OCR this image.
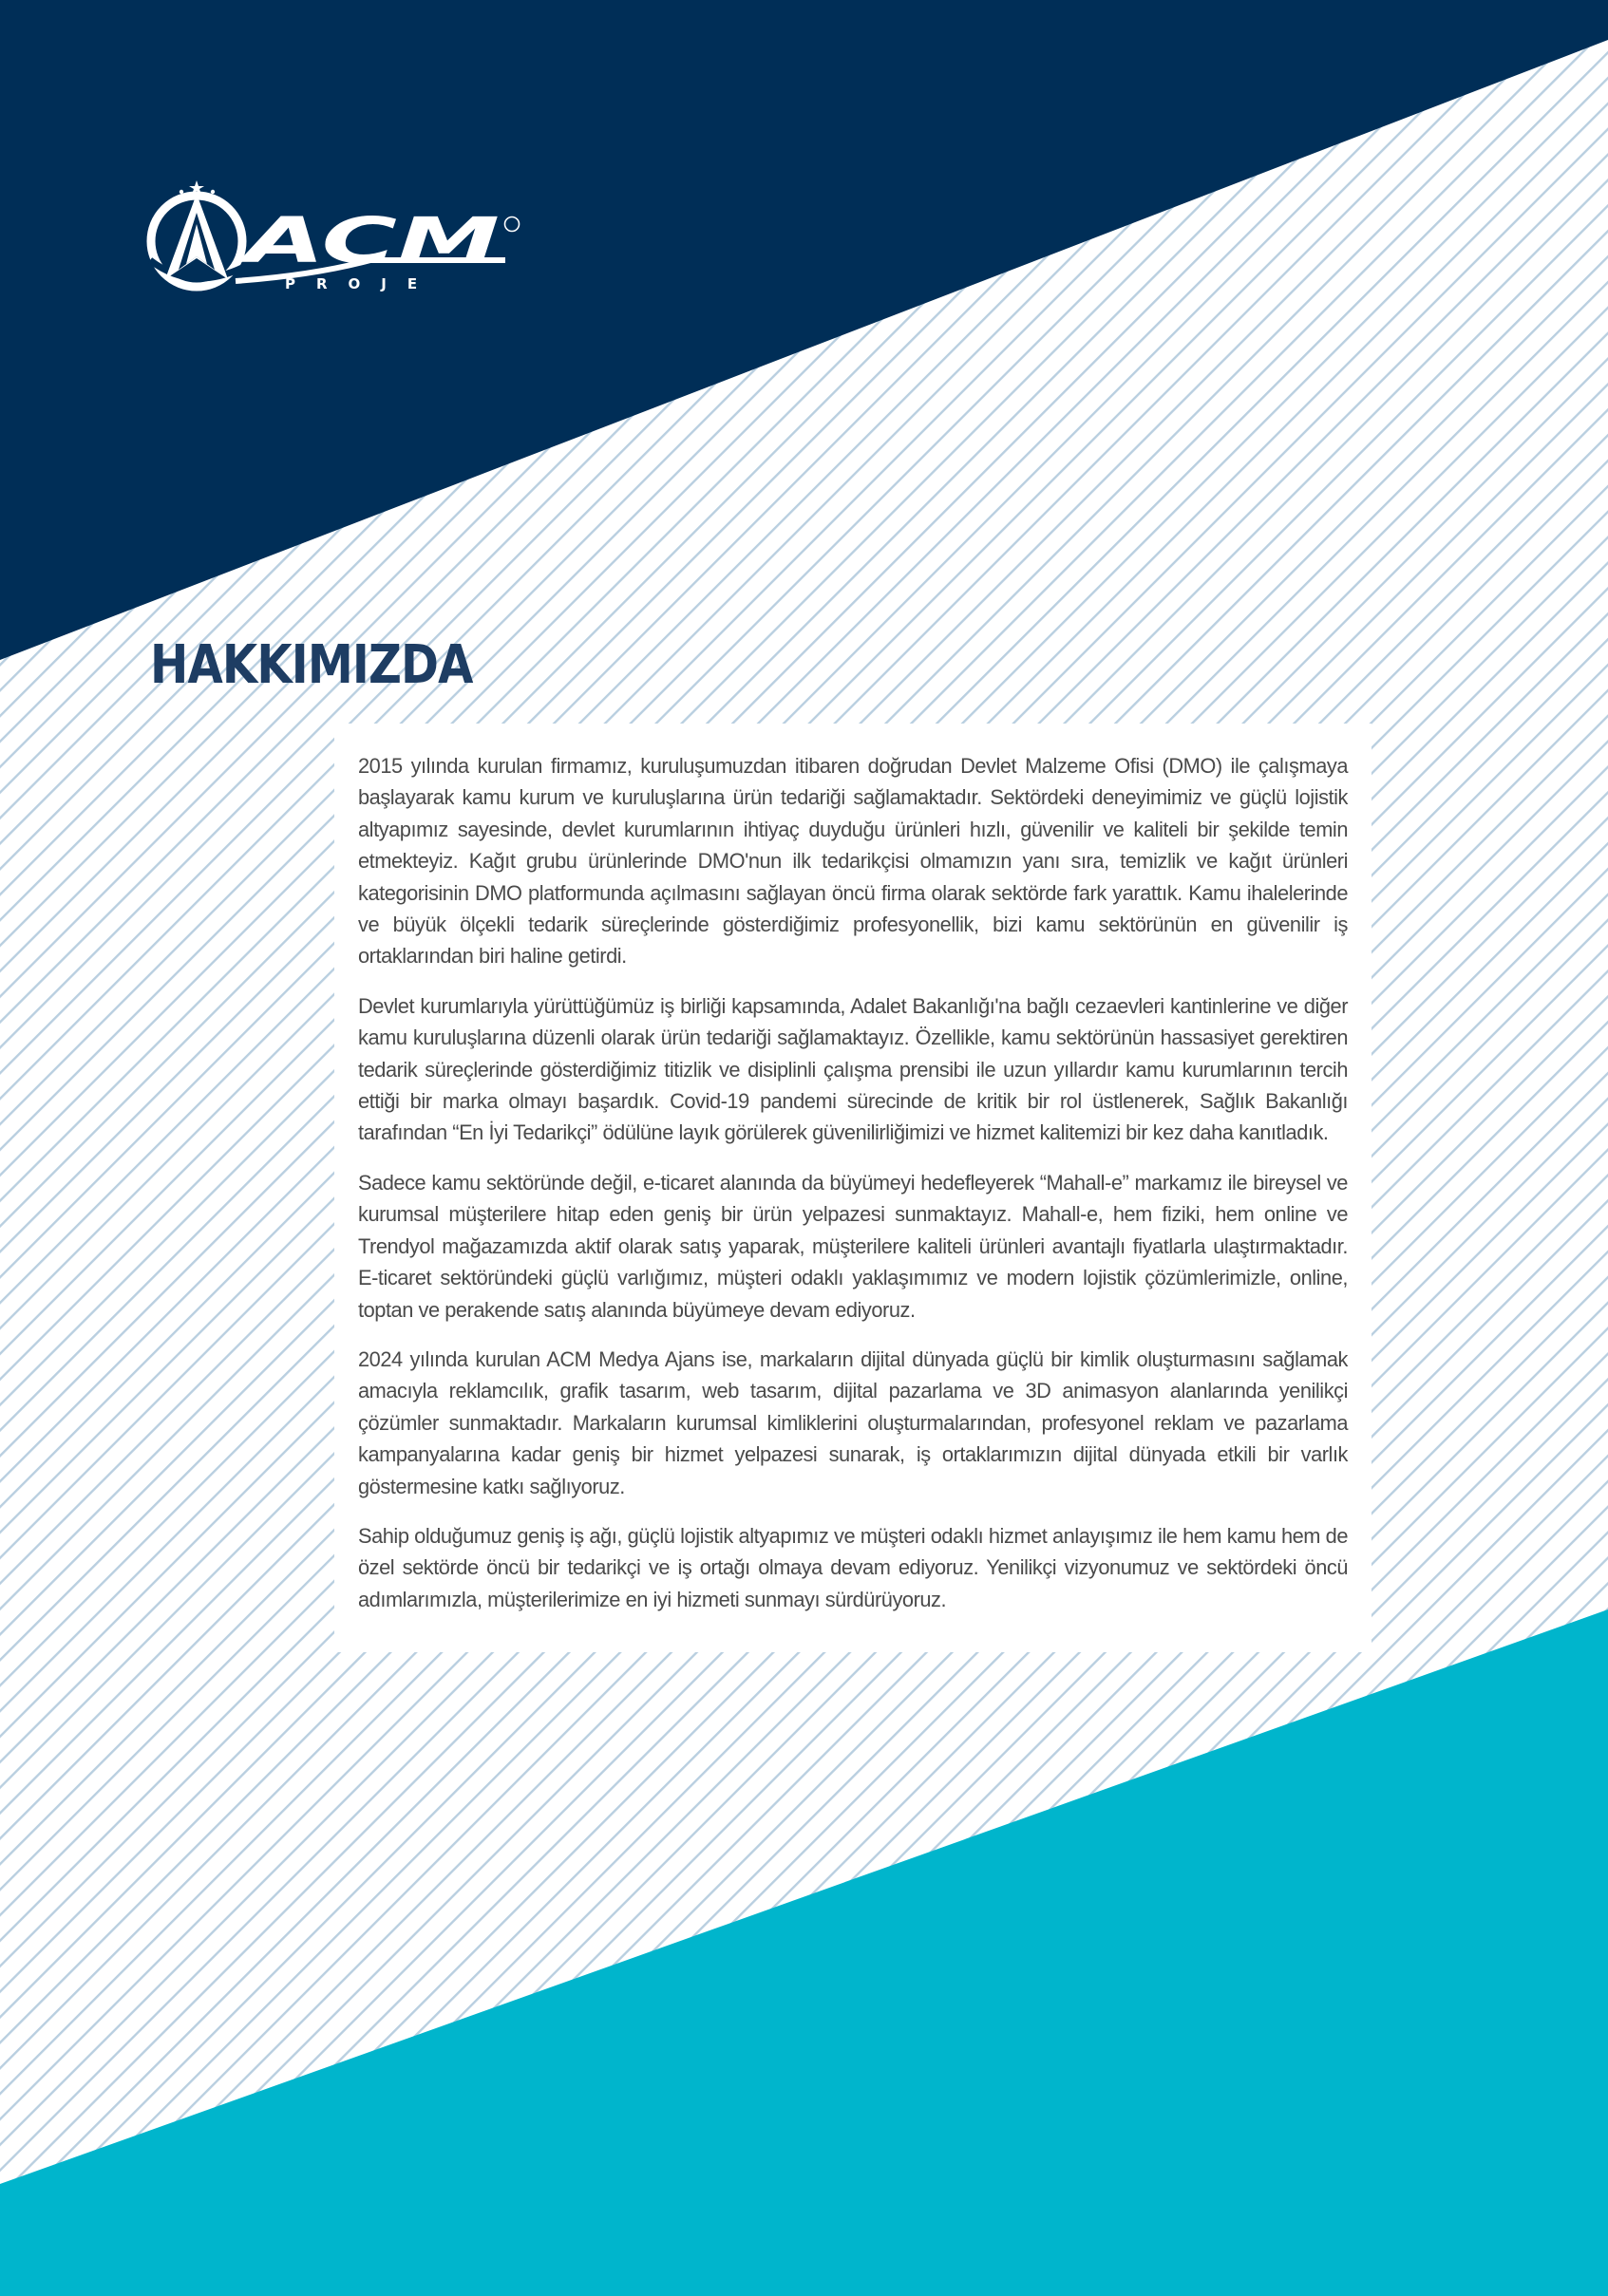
ACM
PROJE
HAKKIMIZDA

2015 yılında kurulan firmamız, kuruluşumuzdan itibaren doğrudan Devlet Malzeme Ofisi (DMO) ile çalışmaya başlayarak kamu kurum ve kuruluşlarına ürün tedariği sağlamaktadır. Sektördeki deneyimimiz ve güçlü lojistik altyapımız sayesinde, devlet kurumlarının ihtiyaç duyduğu ürünleri hızlı, güvenilir ve kaliteli bir şekilde temin etmekteyiz. Kağıt grubu ürünlerinde DMO'nun ilk tedarikçisi olmamızın yanı sıra, temizlik ve kağıt ürünleri kategorisinin DMO platformunda açılmasını sağlayan öncü firma olarak sektörde fark yarattık. Kamu ihalelerinde ve büyük ölçekli tedarik süreçlerinde gösterdiğimiz profesyonellik, bizi kamu sektörünün en güvenilir iş ortaklarından biri haline getirdi.

Devlet kurumlarıyla yürüttüğümüz iş birliği kapsamında, Adalet Bakanlığı'na bağlı cezaevleri kantinlerine ve diğer kamu kuruluşlarına düzenli olarak ürün tedariği sağlamaktayız. Özellikle, kamu sektörünün hassasiyet gerektiren tedarik süreçlerinde gösterdiğimiz titizlik ve disiplinli çalışma prensibi ile uzun yıllardır kamu kurumlarının tercih ettiği bir marka olmayı başardık. Covid-19 pandemi sürecinde de kritik bir rol üstlenerek, Sağlık Bakanlığı tarafından “En İyi Tedarikçi” ödülüne layık görülerek güvenilirliğimizi ve hizmet kalitemizi bir kez daha kanıtladık.

Sadece kamu sektöründe değil, e-ticaret alanında da büyümeyi hedefleyerek “Mahall-e” markamız ile bireysel ve kurumsal müşterilere hitap eden geniş bir ürün yelpazesi sunmaktayız. Mahall-e, hem fiziki, hem online ve Trendyol mağazamızda aktif olarak satış yaparak, müşterilere kaliteli ürünleri avantajlı fiyatlarla ulaştırmaktadır. E-ticaret sektöründeki güçlü varlığımız, müşteri odaklı yaklaşımımız ve modern lojistik çözümlerimizle, online, toptan ve perakende satış alanında büyümeye devam ediyoruz.

2024 yılında kurulan ACM Medya Ajans ise, markaların dijital dünyada güçlü bir kimlik oluşturmasını sağlamak amacıyla reklamcılık, grafik tasarım, web tasarım, dijital pazarlama ve 3D animasyon alanlarında yenilikçi çözümler sunmaktadır. Markaların kurumsal kimliklerini oluşturmalarından, profesyonel reklam ve pazarlama kampanyalarına kadar geniş bir hizmet yelpazesi sunarak, iş ortaklarımızın dijital dünyada etkili bir varlık göstermesine katkı sağlıyoruz.

Sahip olduğumuz geniş iş ağı, güçlü lojistik altyapımız ve müşteri odaklı hizmet anlayışımız ile hem kamu hem de özel sektörde öncü bir tedarikçi ve iş ortağı olmaya devam ediyoruz. Yenilikçi vizyonumuz ve sektördeki öncü adımlarımızla, müşterilerimize en iyi hizmeti sunmayı sürdürüyoruz.
